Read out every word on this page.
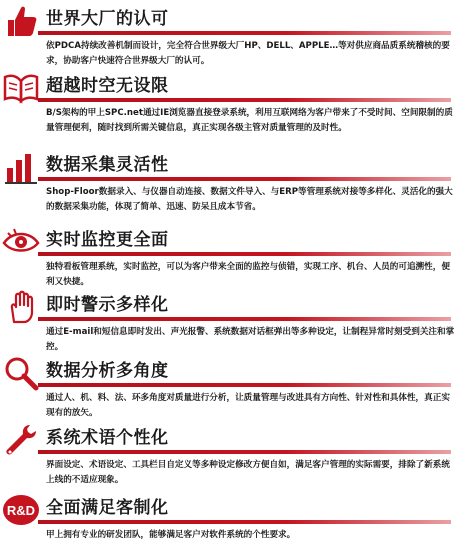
世界大厂的认可
依PDCA持续改善机制而设计，完全符合世界级大厂HP、DELL、APPLE…等对供应商品质系统稽核的要求，协助客户快速符合世界级大厂的认可。
超越时空无设限
B/S架构的甲上SPC.net通过IE浏览器直接登录系统，利用互联网络为客户带来了不受时间、空间限制的质量管理便利，随时找到所需关键信息，真正实现各级主管对质量管理的及时性。
数据采集灵活性
Shop-Floor数据录入、与仪器自动连接、数据文件导入、与ERP等管理系统对接等多样化、灵活化的强大的数据采集功能，体现了简单、迅速、防呆且成本节省。
实时监控更全面
独特看板管理系统，实时监控，可以为客户带来全面的监控与侦错，实现工序、机台、人员的可追溯性，便利又快捷。
即时警示多样化
通过E-mail和短信息即时发出、声光报警、系统数据对话框弹出等多种设定，让制程异常时刻受到关注和掌控。
数据分析多角度
通过人、机、料、法、环多角度对质量进行分析，让质量管理与改进具有方向性、针对性和具体性，真正实现有的放矢。
系统术语个性化
界面设定、术语设定、工具栏目自定义等多种设定修改方便自如，满足客户管理的实际需要，排除了新系统上线的不适应现象。
R&D 全面满足客制化
甲上拥有专业的研发团队，能够满足客户对软件系统的个性要求。
